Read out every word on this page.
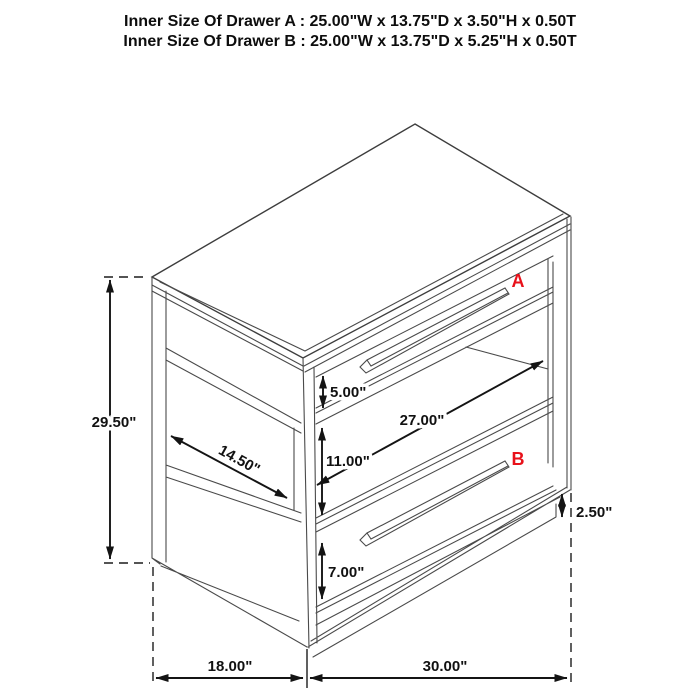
Inner Size Of Drawer A : 25.00"W x 13.75"D x 3.50"H x 0.50T
Inner Size Of Drawer B : 25.00"W x 13.75"D x 5.25"H x 0.50T
A
B
29.50"
14.50"
5.00"
11.00"
27.00"
7.00"
2.50"
18.00"	30.00"
